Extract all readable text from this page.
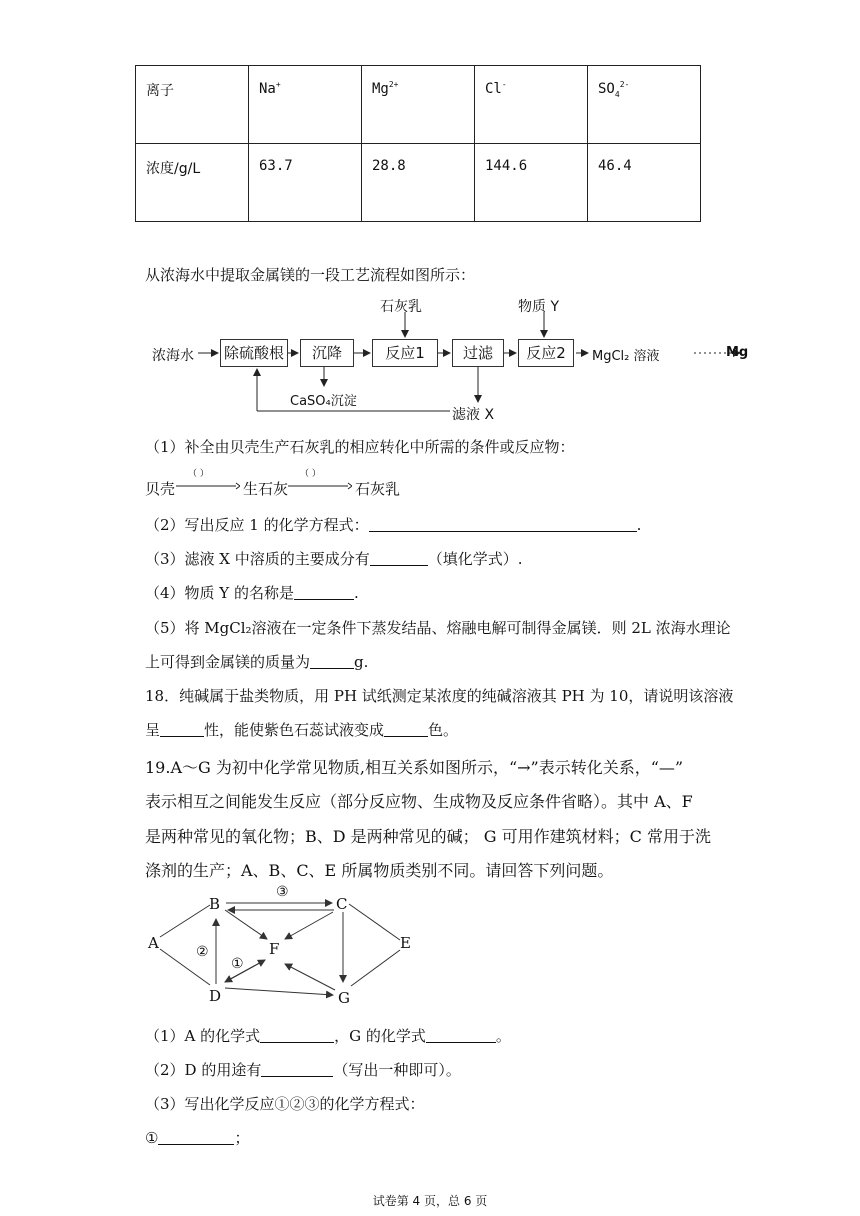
离子	Na+	$Mg^{2+}$	Cl-	$SO_4^{2-}$
浓度/g/L	63.7	28.8	144.6	46.4
从浓海水中提取金属镁的一段工艺流程如图所示：
浓海水 除硫酸根	沉降	反应1	过滤	反应2
石灰乳	物质 Y
MgCl₂ 溶液	Mg
CaSO₄沉淀
滤液 X
（1）补全由贝壳生产石灰乳的相应转化中所需的条件或反应物：
贝壳
（ ）
生石灰
（ ）
石灰乳
（2）写出反应 1 的化学方程式：	.
（3）滤液 X 中溶质的主要成分有	（填化学式）.
（4）物质 Y 的名称是	.
（5）将 MgCl₂溶液在一定条件下蒸发结晶、熔融电解可制得金属镁．则 2L 浓海水理论
上可得到金属镁的质量为	g.
18．纯碱属于盐类物质，用 PH 试纸测定某浓度的纯碱溶液其 PH 为 10，请说明该溶液
呈	性，能使紫色石蕊试液变成	色。
19.A～G 为初中化学常见物质,相互关系如图所示，“→”表示转化关系，“—”
表示相互之间能发生反应（部分反应物、生成物及反应条件省略）。其中 A、F
是两种常见的氧化物；B、D 是两种常见的碱； G 可用作建筑材料；C 常用于洗
涤剂的生产；A、B、C、E 所属物质类别不同。请回答下列问题。
A
B	C
D
E
F
G
①
②
③
（1）A 的化学式	，G 的化学式	。
（2）D 的用途有	（写出一种即可）。
（3）写出化学反应①②③的化学方程式：
①	；
试卷第 4 页，总 6 页
